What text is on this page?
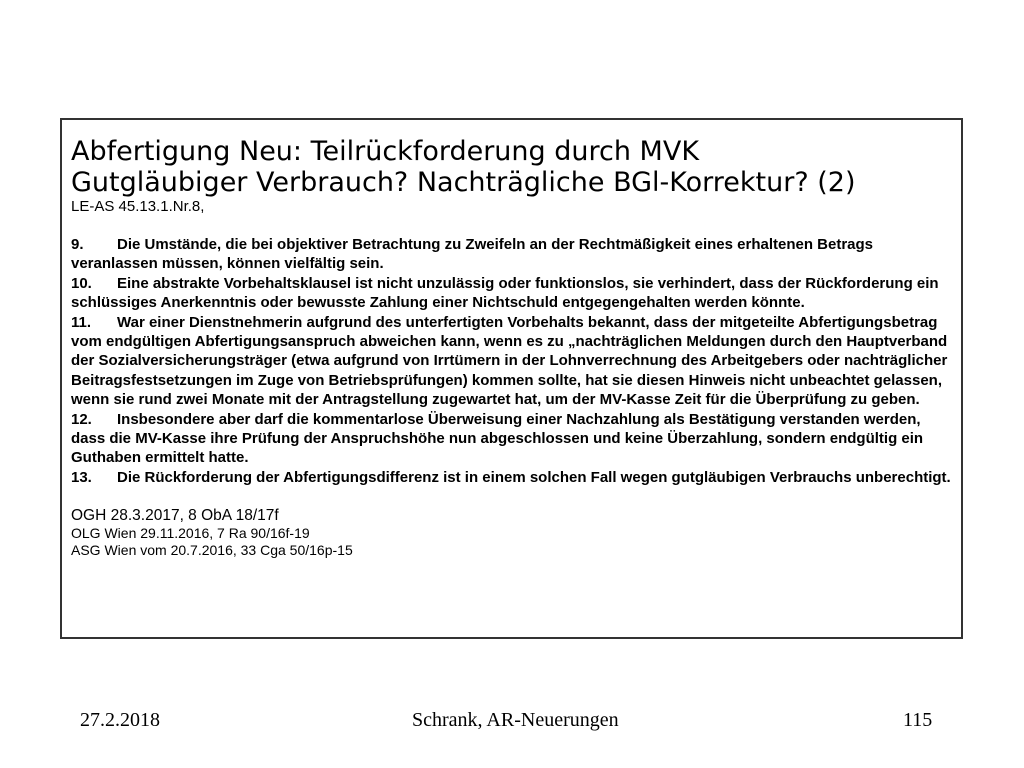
Abfertigung Neu: Teilrückforderung durch MVK
Gutgläubiger Verbrauch? Nachträgliche BGl-Korrektur? (2)
LE-AS 45.13.1.Nr.8,

9. Die Umstände, die bei objektiver Betrachtung zu Zweifeln an der Rechtmäßigkeit eines erhaltenen Betrags veranlassen müssen, können vielfältig sein.

10. Eine abstrakte Vorbehaltsklausel ist nicht unzulässig oder funktionslos, sie verhindert, dass der Rückforderung ein schlüssiges Anerkenntnis oder bewusste Zahlung einer Nichtschuld entgegengehalten werden könnte.

11. War einer Dienstnehmerin aufgrund des unterfertigten Vorbehalts bekannt, dass der mitgeteilte Abfertigungsbetrag vom endgültigen Abfertigungsanspruch abweichen kann, wenn es zu „nachträglichen Meldungen durch den Hauptverband der Sozialversicherungsträger (etwa aufgrund von Irrtümern in der Lohnverrechnung des Arbeitgebers oder nachträglicher Beitragsfestsetzungen im Zuge von Betriebsprüfungen) kommen sollte, hat sie diesen Hinweis nicht unbeachtet gelassen, wenn sie rund zwei Monate mit der Antragstellung zugewartet hat, um der MV-Kasse Zeit für die Überprüfung zu geben.

12. Insbesondere aber darf die kommentarlose Überweisung einer Nachzahlung als Bestätigung verstanden werden, dass die MV-Kasse ihre Prüfung der Anspruchshöhe nun abgeschlossen und keine Überzahlung, sondern endgültig ein Guthaben ermittelt hatte.

13. Die Rückforderung der Abfertigungsdifferenz ist in einem solchen Fall wegen gutgläubigen Verbrauchs unberechtigt.

OGH 28.3.2017, 8 ObA 18/17f
OLG Wien 29.11.2016, 7 Ra 90/16f-19
ASG Wien vom 20.7.2016, 33 Cga 50/16p-15
27.2.2018	Schrank, AR-Neuerungen	115
